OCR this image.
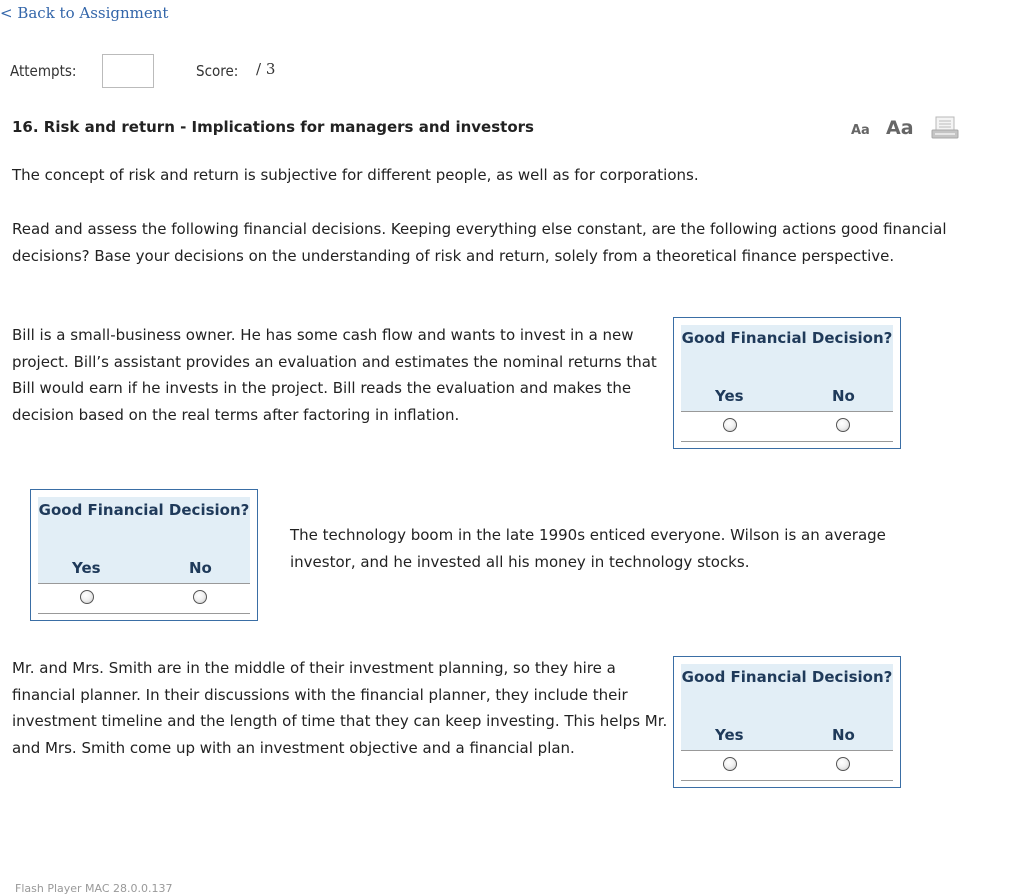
< Back to Assignment
Attempts:	Score: / 3
16. Risk and return - Implications for managers and investors	Aa Aa

The concept of risk and return is subjective for different people, as well as for corporations.

Read and assess the following financial decisions. Keeping everything else constant, are the following actions good financial decisions? Base your decisions on the understanding of risk and return, solely from a theoretical finance perspective.

Bill is a small-business owner. He has some cash flow and wants to invest in a new project. Bill’s assistant provides an evaluation and estimates the nominal returns that Bill would earn if he invests in the project. Bill reads the evaluation and makes the decision based on the real terms after factoring in inflation.

Good Financial Decision?
Yes	No
Good Financial Decision?
Yes	No

The technology boom in the late 1990s enticed everyone. Wilson is an average investor, and he invested all his money in technology stocks.

Mr. and Mrs. Smith are in the middle of their investment planning, so they hire a financial planner. In their discussions with the financial planner, they include their investment timeline and the length of time that they can keep investing. This helps Mr. and Mrs. Smith come up with an investment objective and a financial plan.

Good Financial Decision?
Yes	No
Flash Player MAC 28.0.0.137
